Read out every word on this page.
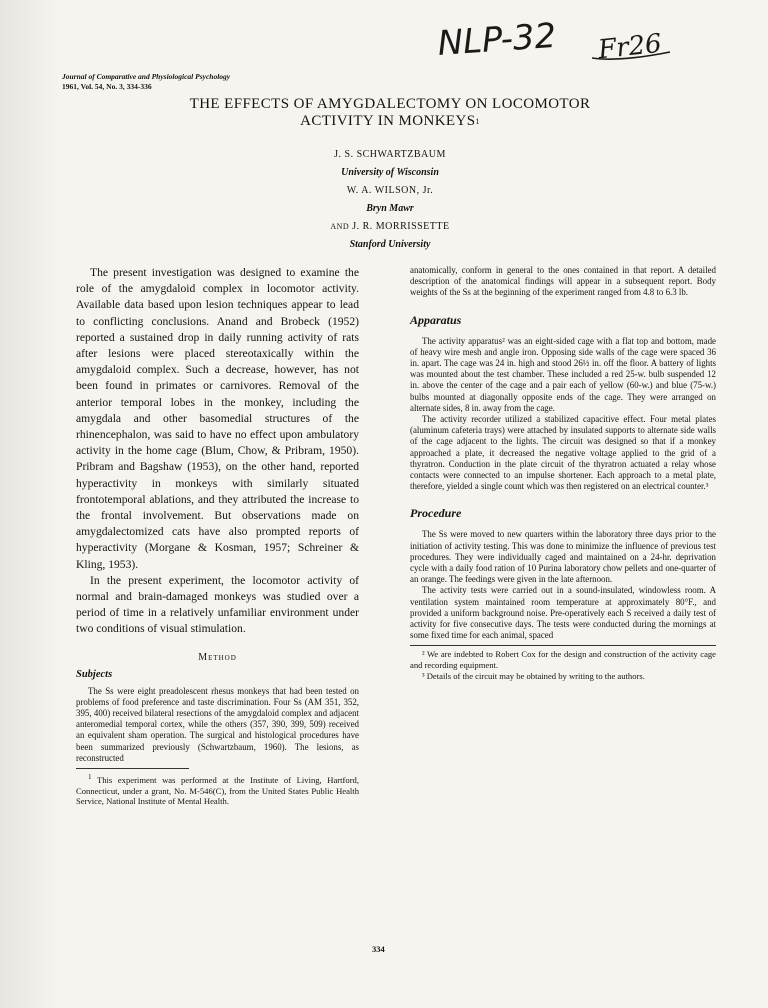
NLP-32 Fr26
Journal of Comparative and Physiological Psychology
1961, Vol. 54, No. 3, 334-336
THE EFFECTS OF AMYGDALECTOMY ON LOCOMOTOR
ACTIVITY IN MONKEYS$^1$
J. S. SCHWARTZBAUM
University of Wisconsin
W. A. WILSON, Jr.
Bryn Mawr
AND J. R. MORRISSETTE
Stanford University

The present investigation was designed to examine the role of the amygdaloid complex in locomotor activity. Available data based upon lesion techniques appear to lead to conflicting conclusions. Anand and Brobeck (1952) reported a sustained drop in daily running activity of rats after lesions were placed stereotaxically within the amygdaloid complex. Such a decrease, however, has not been found in primates or carnivores. Removal of the anterior temporal lobes in the monkey, including the amygdala and other basomedial structures of the rhinencephalon, was said to have no effect upon ambulatory activity in the home cage (Blum, Chow, & Pribram, 1950). Pribram and Bagshaw (1953), on the other hand, reported hyperactivity in monkeys with similarly situated frontotemporal ablations, and they attributed the increase to the frontal involvement. But observations made on amygdalectomized cats have also prompted reports of hyperactivity (Morgane & Kosman, 1957; Schreiner & Kling, 1953).

In the present experiment, the locomotor activity of normal and brain-damaged monkeys was studied over a period of time in a relatively unfamiliar environment under two conditions of visual stimulation.

Method
Subjects

The Ss were eight preadolescent rhesus monkeys that had been tested on problems of food preference and taste discrimination. Four Ss (AM 351, 352, 395, 400) received bilateral resections of the amygdaloid complex and adjacent anteromedial temporal cortex, while the others (357, 390, 399, 509) received an equivalent sham operation. The surgical and histological procedures have been summarized previously (Schwartzbaum, 1960). The lesions, as reconstructed

$^1$ This experiment was performed at the Institute of Living, Hartford, Connecticut, under a grant, No. M-546(C), from the United States Public Health Service, National Institute of Mental Health.

anatomically, conform in general to the ones contained in that report. A detailed description of the anatomical findings will appear in a subsequent report. Body weights of the Ss at the beginning of the experiment ranged from 4.8 to 6.3 lb.

Apparatus

The activity apparatus² was an eight-sided cage with a flat top and bottom, made of heavy wire mesh and angle iron. Opposing side walls of the cage were spaced 36 in. apart. The cage was 24 in. high and stood 26½ in. off the floor. A battery of lights was mounted about the test chamber. These included a red 25-w. bulb suspended 12 in. above the center of the cage and a pair each of yellow (60-w.) and blue (75-w.) bulbs mounted at diagonally opposite ends of the cage. They were arranged on alternate sides, 8 in. away from the cage.

The activity recorder utilized a stabilized capacitive effect. Four metal plates (aluminum cafeteria trays) were attached by insulated supports to alternate side walls of the cage adjacent to the lights. The circuit was designed so that if a monkey approached a plate, it decreased the negative voltage applied to the grid of a thyratron. Conduction in the plate circuit of the thyratron actuated a relay whose contacts were connected to an impulse shortener. Each approach to a metal plate, therefore, yielded a single count which was then registered on an electrical counter.³

Procedure

The Ss were moved to new quarters within the laboratory three days prior to the initiation of activity testing. This was done to minimize the influence of previous test procedures. They were individually caged and maintained on a 24-hr. deprivation cycle with a daily food ration of 10 Purina laboratory chow pellets and one-quarter of an orange. The feedings were given in the late afternoon.

The activity tests were carried out in a sound-insulated, windowless room. A ventilation system maintained room temperature at approximately 80°F., and provided a uniform background noise. Pre-operatively each S received a daily test of activity for five consecutive days. The tests were conducted during the mornings at some fixed time for each animal, spaced

² We are indebted to Robert Cox for the design and construction of the activity cage and recording equipment.

³ Details of the circuit may be obtained by writing to the authors.

334
